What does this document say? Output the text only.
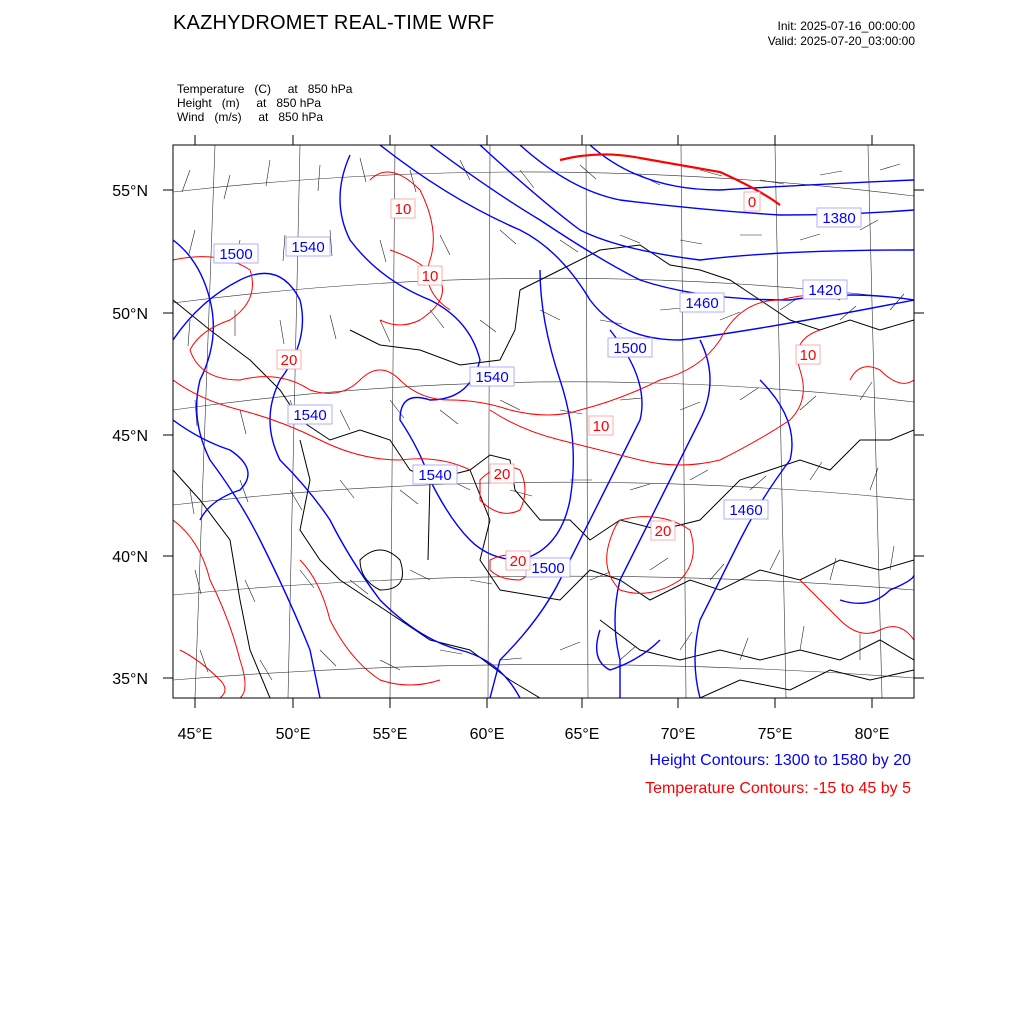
KAZHYDROMET REAL-TIME WRF	Init: 2025-07-16_00:00:00
Valid: 2025-07-20_03:00:00
Temperature   (C)     at   850 hPa
Height   (m)     at   850 hPa
Wind   (m/s)     at   850 hPa
55°N
50°N
45°N
40°N
35°N
45°E	50°E	55°E	60°E	65°E	70°E	75°E	80°E
1500	1540
1540
1540
1540
1500
1460
1420
1380
1460
1500
10
10
20
0
10
10
20
20
20
Height Contours: 1300 to 1580 by 20
Temperature Contours: -15 to 45 by 5
